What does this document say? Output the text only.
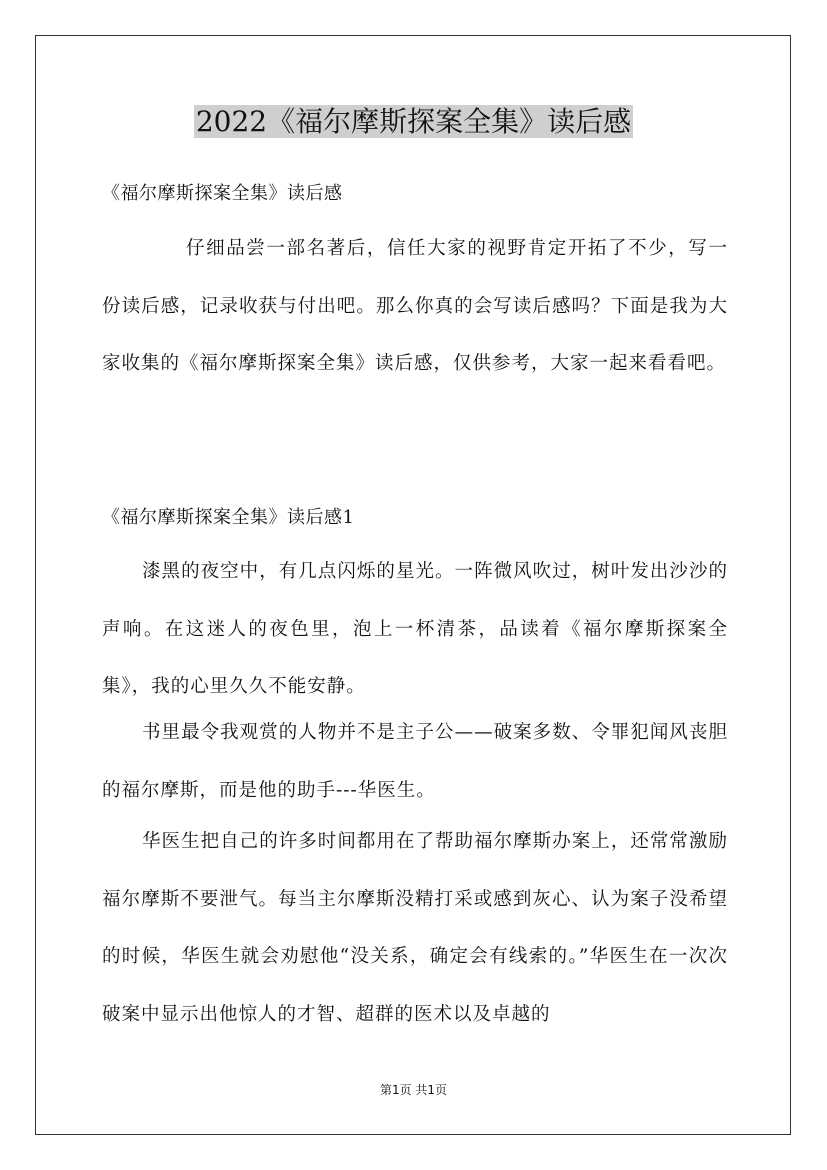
2022《福尔摩斯探案全集》读后感
《福尔摩斯探案全集》读后感
仔细品尝一部名著后，信任大家的视野肯定开拓了不少，写一份读后感，记录收获与付出吧。那么你真的会写读后感吗？下面是我为大家收集的《福尔摩斯探案全集》读后感，仅供参考，大家一起来看看吧。
《福尔摩斯探案全集》读后感1
漆黑的夜空中，有几点闪烁的星光。一阵微风吹过，树叶发出沙沙的声响。在这迷人的夜色里，泡上一杯清茶，品读着《福尔摩斯探案全集》，我的心里久久不能安静。
书里最令我观赏的人物并不是主子公——破案多数、令罪犯闻风丧胆的福尔摩斯，而是他的助手---华医生。
华医生把自己的许多时间都用在了帮助福尔摩斯办案上，还常常激励福尔摩斯不要泄气。每当主尔摩斯没精打采或感到灰心、认为案子没希望的时候，华医生就会劝慰他“没关系，确定会有线索的。”华医生在一次次破案中显示出他惊人的才智、超群的医术以及卓越的
第1页 共1页
